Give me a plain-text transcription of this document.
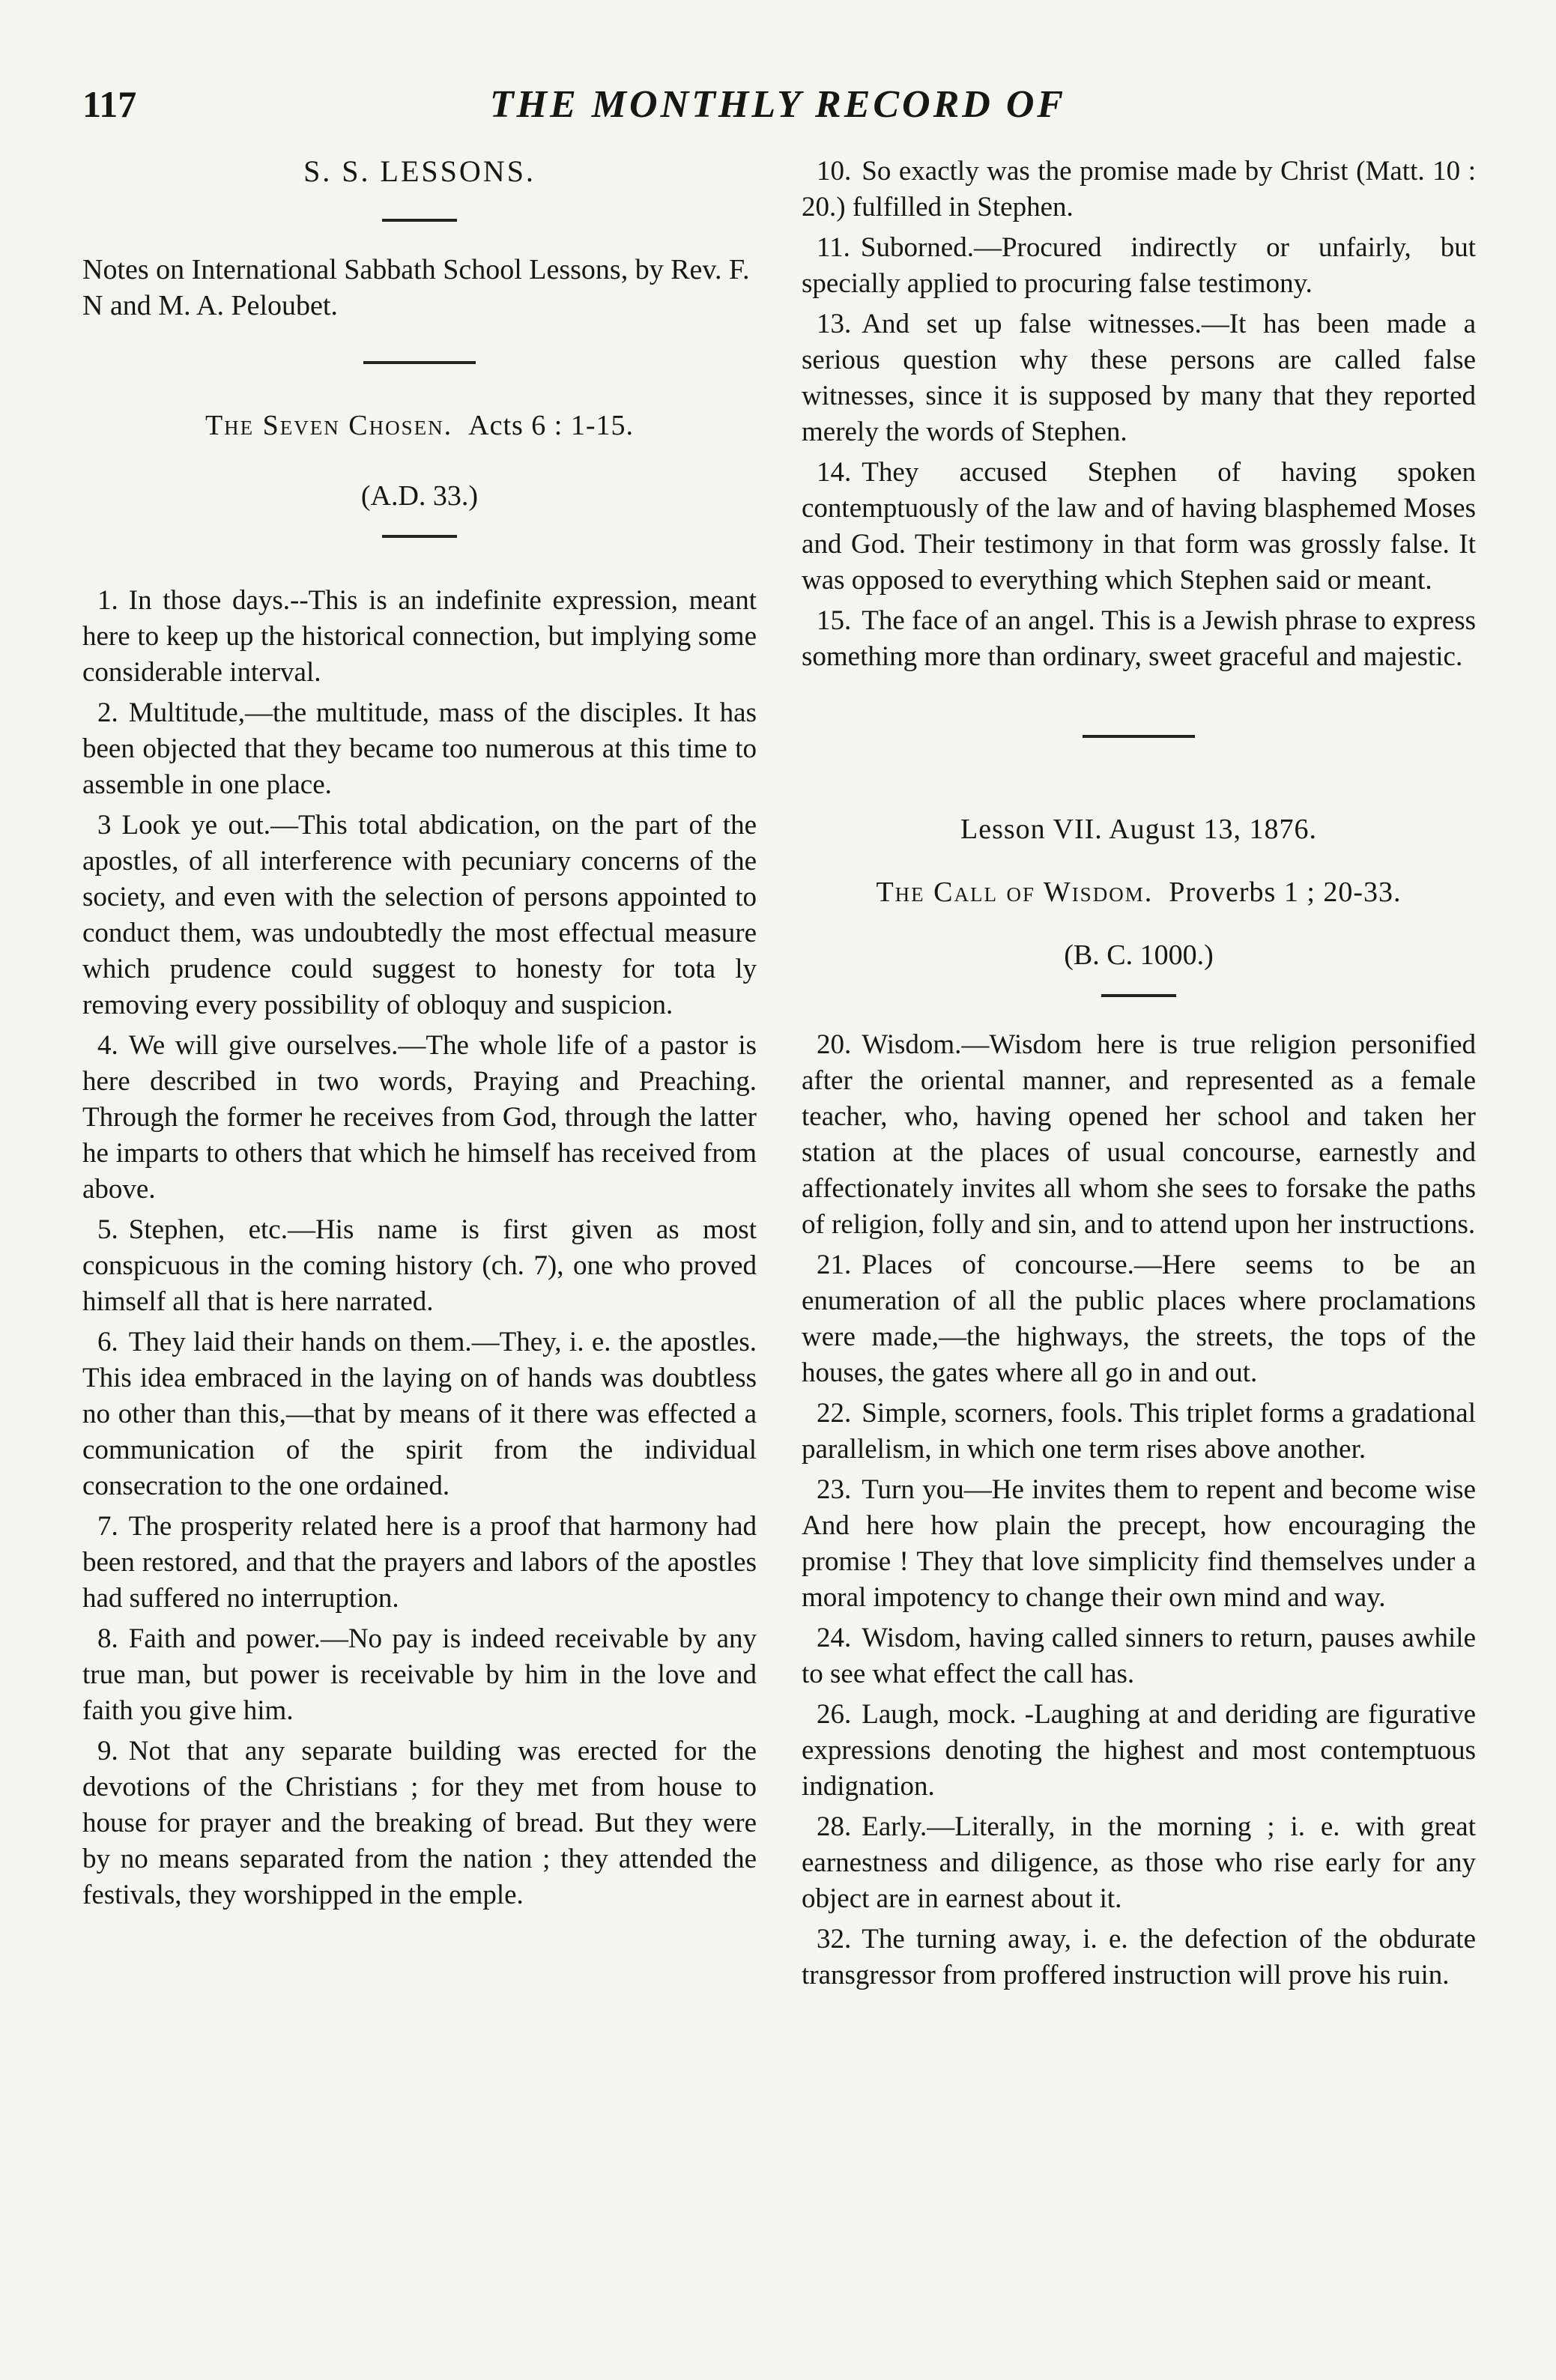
117	THE MONTHLY RECORD OF
S. S. LESSONS.
Notes on International Sabbath School Lessons, by Rev. F. N and M. A. Peloubet.
The Seven Chosen. Acts 6 : 1-15.
(A.D. 33.)

1. In those days.--This is an indefinite expression, meant here to keep up the historical connection, but implying some considerable interval.

2. Multitude,—the multitude, mass of the disciples. It has been objected that they became too numerous at this time to assemble in one place.

3 Look ye out.—This total abdication, on the part of the apostles, of all interference with pecuniary concerns of the society, and even with the selection of persons appointed to conduct them, was undoubtedly the most effectual measure which prudence could suggest to honesty for tota ly removing every possibility of obloquy and suspicion.

4. We will give ourselves.—The whole life of a pastor is here described in two words, Praying and Preaching. Through the former he receives from God, through the latter he imparts to others that which he himself has received from above.

5. Stephen, etc.—His name is first given as most conspicuous in the coming history (ch. 7), one who proved himself all that is here narrated.

6. They laid their hands on them.—They, i. e. the apostles. This idea embraced in the laying on of hands was doubtless no other than this,—that by means of it there was effected a communication of the spirit from the individual consecration to the one ordained.

7. The prosperity related here is a proof that harmony had been restored, and that the prayers and labors of the apostles had suffered no interruption.

8. Faith and power.—No pay is indeed receivable by any true man, but power is receivable by him in the love and faith you give him.

9. Not that any separate building was erected for the devotions of the Christians ; for they met from house to house for prayer and the breaking of bread. But they were by no means separated from the nation ; they attended the festivals, they worshipped in the emple.

10. So exactly was the promise made by Christ (Matt. 10 : 20.) fulfilled in Stephen.

11. Suborned.—Procured indirectly or unfairly, but specially applied to procuring false testimony.

13. And set up false witnesses.—It has been made a serious question why these persons are called false witnesses, since it is supposed by many that they reported merely the words of Stephen.

14. They accused Stephen of having spoken contemptuously of the law and of having blasphemed Moses and God. Their testimony in that form was grossly false. It was opposed to everything which Stephen said or meant.

15. The face of an angel. This is a Jewish phrase to express something more than ordinary, sweet graceful and majestic.

Lesson VII. August 13, 1876.
The Call of Wisdom. Proverbs 1 ; 20-33.
(B. C. 1000.)

20. Wisdom.—Wisdom here is true religion personified after the oriental manner, and represented as a female teacher, who, having opened her school and taken her station at the places of usual concourse, earnestly and affectionately invites all whom she sees to forsake the paths of religion, folly and sin, and to attend upon her instructions.

21. Places of concourse.—Here seems to be an enumeration of all the public places where proclamations were made,—the highways, the streets, the tops of the houses, the gates where all go in and out.

22. Simple, scorners, fools. This triplet forms a gradational parallelism, in which one term rises above another.

23. Turn you—He invites them to repent and become wise And here how plain the precept, how encouraging the promise ! They that love simplicity find themselves under a moral impotency to change their own mind and way.

24. Wisdom, having called sinners to return, pauses awhile to see what effect the call has.

26. Laugh, mock. -Laughing at and deriding are figurative expressions denoting the highest and most contemptuous indignation.

28. Early.—Literally, in the morning ; i. e. with great earnestness and diligence, as those who rise early for any object are in earnest about it.

32. The turning away, i. e. the defection of the obdurate transgressor from proffered instruction will prove his ruin.
